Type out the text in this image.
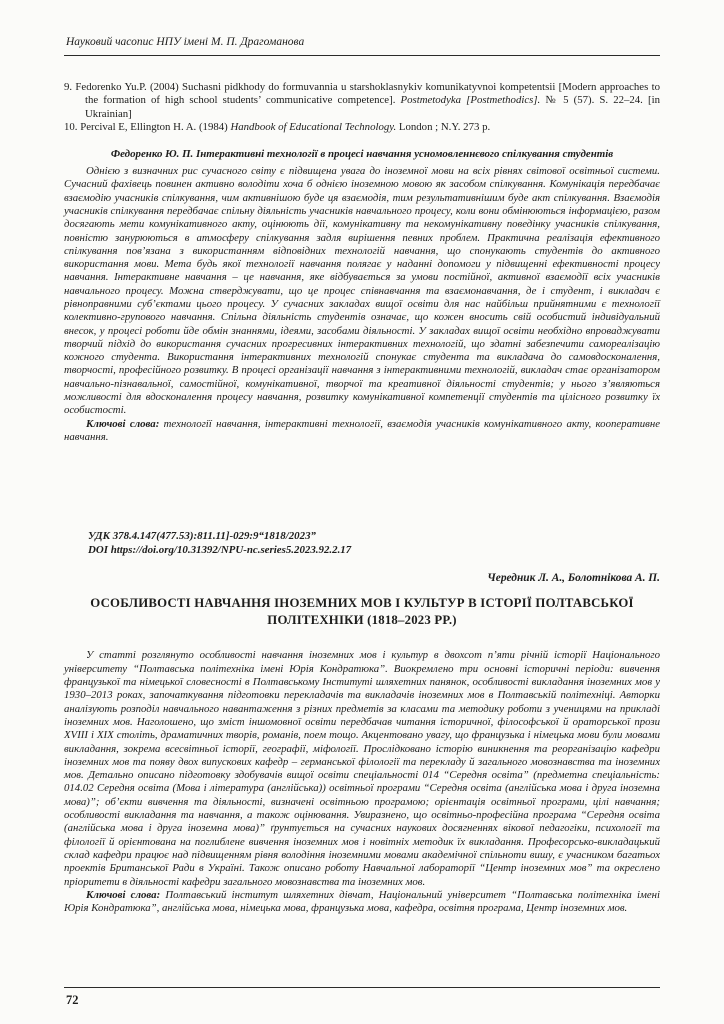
Науковий часопис НПУ імені М. П. Драгоманова

9. Fedorenko Yu.P. (2004) Suchasni pidkhody do formuvannia u starshoklasnykiv komunikatyvnoi kompetentsii [Modern approaches to the formation of high school students’ communicative competence]. Postmetodyka [Postmethodics]. № 5 (57). S. 22–24. [in Ukrainian]

10. Percival E, Ellington H. A. (1984) Handbook of Educational Technology. London ; N.Y. 273 p.

Федоренко Ю. П. Інтерактивні технології в процесі навчання усномовленнєвого спілкування студентів

Однією з визначних рис сучасного світу є підвищена увага до іноземної мови на всіх рівнях світової освітньої системи. Сучасний фахівець повинен активно володіти хоча б однією іноземною мовою як засобом спілкування. Комунікація передбачає взаємодію учасників спілкування, чим активнішою буде ця взаємодія, тим результативнішим буде акт спілкування. Взаємодія учасників спілкування передбачає спільну діяльність учасників навчального процесу, коли вони обмінюються інформацією, разом досягають мети комунікативного акту, оцінюють дії, комунікативну та некомунікативну поведінку учасників спілкування, повністю занурюються в атмосферу спілкування задля вирішення певних проблем. Практична реалізація ефективного спілкування пов’язана з використанням відповідних технологій навчання, що спонукають студентів до активного використання мови. Мета будь якої технології навчання полягає у наданні допомоги у підвищенні ефективності процесу навчання. Інтерактивне навчання – це навчання, яке відбувається за умови постійної, активної взаємодії всіх учасників навчального процесу. Можна стверджувати, що це процес співнавчання та взаємонавчання, де і студент, і викладач є рівноправними суб’єктами цього процесу. У сучасних закладах вищої освіти для нас найбільш прийнятними є технології колективно-групового навчання. Спільна діяльність студентів означає, що кожен вносить свій особистий індивідуальний внесок, у процесі роботи йде обмін знаннями, ідеями, засобами діяльності. У закладах вищої освіти необхідно впроваджувати творчий підхід до використання сучасних прогресивних інтерактивних технологій, що здатні забезпечити самореалізацію кожного студента. Використання інтерактивних технологій спонукає студента та викладача до самовдосконалення, творчості, професійного розвитку. В процесі організації навчання з інтерактивними технологій, викладач стає організатором навчально-пізнавальної, самостійної, комунікативної, творчої та креативної діяльності студентів; у нього з’являються можливості для вдосконалення процесу навчання, розвитку комунікативної компетенції студентів та цілісного розвитку їх особистості.

Ключові слова: технології навчання, інтерактивні технології, взаємодія учасників комунікативного акту, кооперативне навчання.

УДК 378.4.147(477.53):811.11]-029:9“1818/2023”

DOI https://doi.org/10.31392/NPU-nc.series5.2023.92.2.17

Чередник Л. А., Болотнікова А. П.

ОСОБЛИВОСТІ НАВЧАННЯ ІНОЗЕМНИХ МОВ І КУЛЬТУР В ІСТОРІЇ ПОЛТАВСЬКОЇ ПОЛІТЕХНІКИ (1818–2023 РР.)

У статті розглянуто особливості навчання іноземних мов і культур в двохсот п’яти річній історії Національного університету “Полтавська політехніка імені Юрія Кондратюка”. Виокремлено три основні історичні періоди: вивчення французької та німецької словесності в Полтавському Інституті шляхетних панянок, особливості викладання іноземних мов у 1930–2013 роках, започаткування підготовки перекладачів та викладачів іноземних мов в Полтавській політехніці. Авторки аналізують розподіл навчального навантаження з різних предметів за класами та методику роботи з ученицями на прикладі іноземних мов. Наголошено, що зміст іншомовної освіти передбачав читання історичної, філософської й ораторської прози XVIII і XIX століть, драматичних творів, романів, поем тощо. Акцентовано увагу, що французька і німецька мови були мовами викладання, зокрема всесвітньої історії, географії, міфології. Прослідковано історію виникнення та реорганізацію кафедри іноземних мов та появу двох випускових кафедр – германської філології та перекладу й загального мовознавства та іноземних мов. Детально описано підготовку здобувачів вищої освіти спеціальності 014 “Середня освіта” (предметна спеціальність: 014.02 Середня освіта (Мова і література (англійська)) освітньої програми “Середня освіта (англійська мова і друга іноземна мова)”; об’єкти вивчення та діяльності, визначені освітньою програмою; орієнтація освітньої програми, цілі навчання; особливості викладання та навчання, а також оцінювання. Увиразнено, що освітньо-професійна програма “Середня освіта (англійська мова і друга іноземна мова)” ґрунтується на сучасних наукових досягненнях вікової педагогіки, психології та філології й орієнтована на поглиблене вивчення іноземних мов і новітніх методик їх викладання. Професорсько-викладацький склад кафедри працює над підвищенням рівня володіння іноземними мовами академічної спільноти вишу, є учасником багатьох проектів Британської Ради в Україні. Також описано роботу Навчальної лабораторії “Центр іноземних мов” та окреслено пріоритети в діяльності кафедри загального мовознавства та іноземних мов.

Ключові слова: Полтавський інститут шляхетних дівчат, Національний університет “Полтавська політехніка імені Юрія Кондратюка”, англійська мова, німецька мова, французька мова, кафедра, освітня програма, Центр іноземних мов.

72
